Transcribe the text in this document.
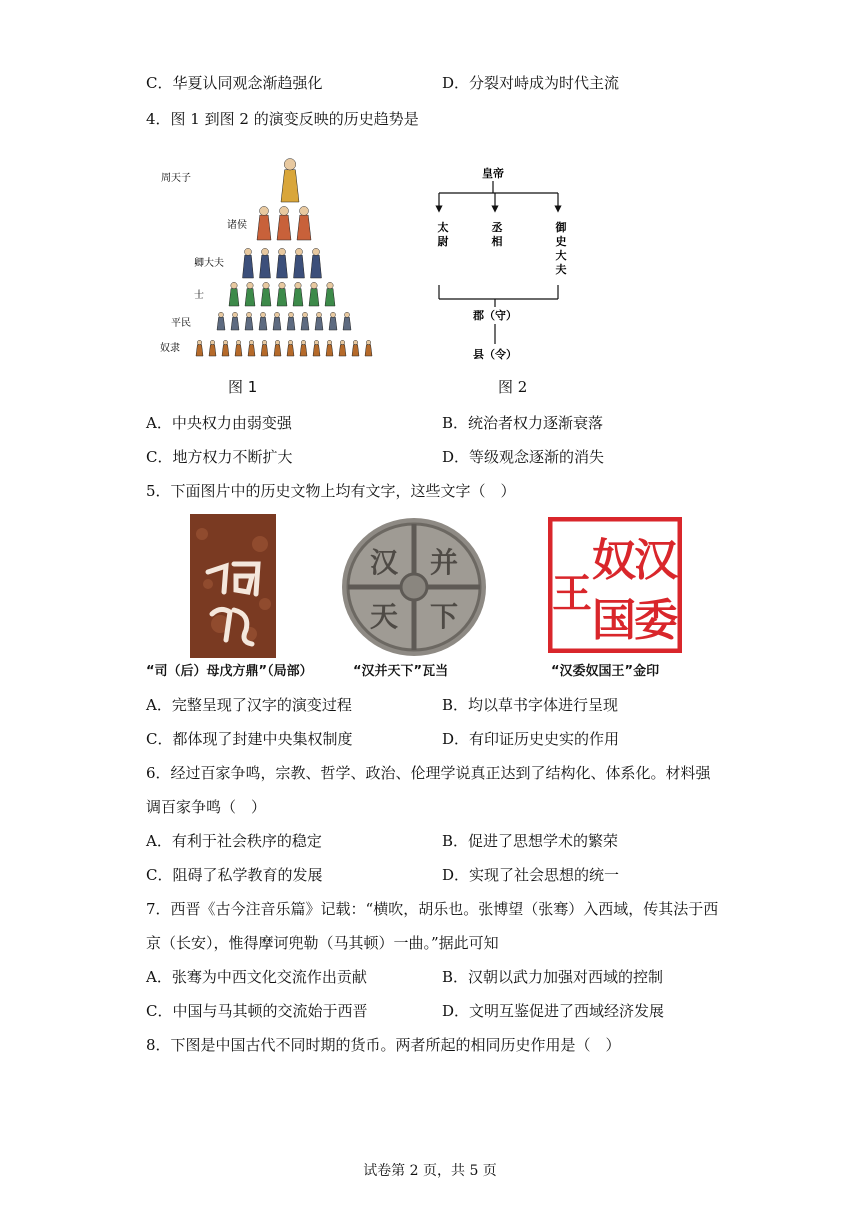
C．华夏认同观念渐趋强化	D．分裂对峙成为时代主流
4．图 1 到图 2 的演变反映的历史趋势是
周天子
诸侯
卿大夫
士
平民
奴隶
图 1
皇帝
太
尉
丞
相
御
史
大
夫
郡（守）
县（令）
图 2
A．中央权力由弱变强	B．统治者权力逐渐衰落
C．地方权力不断扩大	D．等级观念逐渐的消失
5．下面图片中的历史文物上均有文字，这些文字（　）
司母
“司（后）母戊方鼎”（局部）
汉 并
天 下
“汉并天下”瓦当
汉
委
奴
国
王
“汉委奴国王”金印
A．完整呈现了汉字的演变过程	B．均以草书字体进行呈现
C．都体现了封建中央集权制度	D．有印证历史史实的作用
6．经过百家争鸣，宗教、哲学、政治、伦理学说真正达到了结构化、体系化。材料强
调百家争鸣（　）
A．有利于社会秩序的稳定	B．促进了思想学术的繁荣
C．阻碍了私学教育的发展	D．实现了社会思想的统一
7．西晋《古今注音乐篇》记载：“横吹，胡乐也。张博望（张骞）入西域，传其法于西
京（长安），惟得摩诃兜勒（马其顿）一曲。”据此可知
A．张骞为中西文化交流作出贡献	B．汉朝以武力加强对西域的控制
C．中国与马其顿的交流始于西晋	D．文明互鉴促进了西域经济发展
8．下图是中国古代不同时期的货币。两者所起的相同历史作用是（　）
试卷第 2 页，共 5 页
